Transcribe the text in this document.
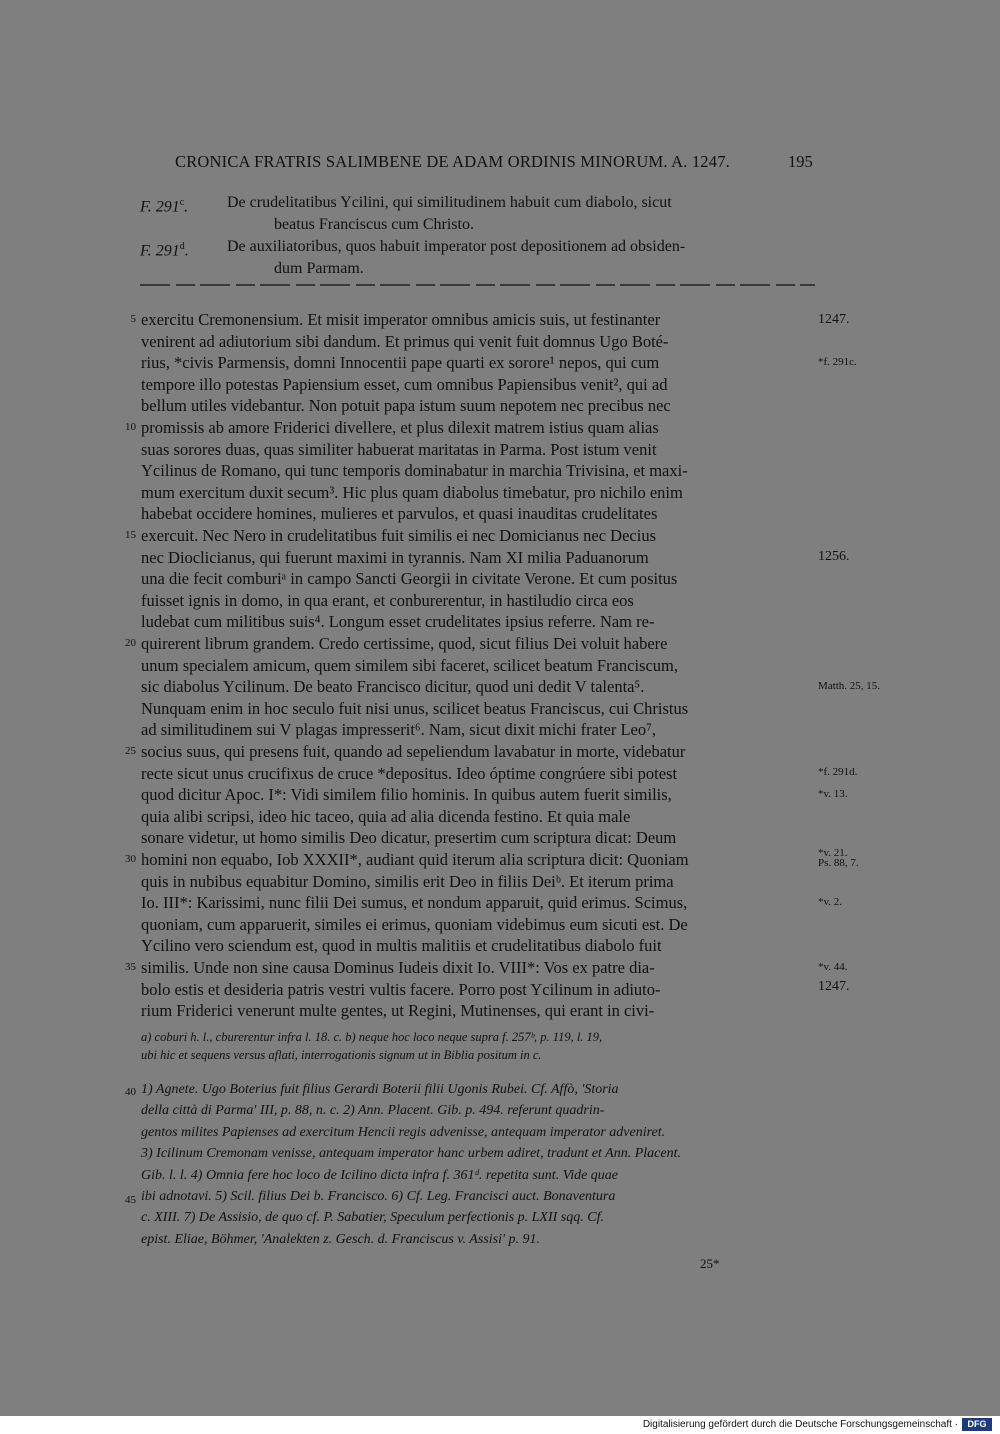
CRONICA FRATRIS SALIMBENE DE ADAM ORDINIS MINORUM. A. 1247.	195
F. 291$^c$. De crudelitatibus Ycilini, qui similitudinem habuit cum diabolo, sicut
beatus Franciscus cum Christo.
F. 291$^d$. De auxiliatoribus, quos habuit imperator post depositionem ad obsiden-
dum Parmam.
exercitu Cremonensium. Et misit imperator omnibus amicis suis, ut festinanter
venirent ad adiutorium sibi dandum. Et primus qui venit fuit domnus Ugo Boté-
rius, *civis Parmensis, domni Innocentii pape quarti ex sorore¹ nepos, qui cum
tempore illo potestas Papiensium esset, cum omnibus Papiensibus venit², qui ad
bellum utiles videbantur. Non potuit papa istum suum nepotem nec precibus nec
promissis ab amore Friderici divellere, et plus dilexit matrem istius quam alias
suas sorores duas, quas similiter habuerat maritatas in Parma. Post istum venit
Ycilinus de Romano, qui tunc temporis dominabatur in marchia Trivisina, et maxi-
mum exercitum duxit secum³. Hic plus quam diabolus timebatur, pro nichilo enim
habebat occidere homines, mulieres et parvulos, et quasi inauditas crudelitates
exercuit. Nec Nero in crudelitatibus fuit similis ei nec Domicianus nec Decius
nec Dioclicianus, qui fuerunt maximi in tyrannis. Nam XI milia Paduanorum
una die fecit comburiᵃ in campo Sancti Georgii in civitate Verone. Et cum positus
fuisset ignis in domo, in qua erant, et conburerentur, in hastiludio circa eos
ludebat cum militibus suis⁴. Longum esset crudelitates ipsius referre. Nam re-
quirerent librum grandem. Credo certissime, quod, sicut filius Dei voluit habere
unum specialem amicum, quem similem sibi faceret, scilicet beatum Franciscum,
sic diabolus Ycilinum. De beato Francisco dicitur, quod uni dedit V talenta⁵.
Nunquam enim in hoc seculo fuit nisi unus, scilicet beatus Franciscus, cui Christus
ad similitudinem sui V plagas impresserit⁶. Nam, sicut dixit michi frater Leo⁷,
socius suus, qui presens fuit, quando ad sepeliendum lavabatur in morte, videbatur
recte sicut unus crucifixus de cruce *depositus. Ideo óptime congrúere sibi potest
quod dicitur Apoc. I*: Vidi similem filio hominis. In quibus autem fuerit similis,
quia alibi scripsi, ideo hic taceo, quia ad alia dicenda festino. Et quia male
sonare videtur, ut homo similis Deo dicatur, presertim cum scriptura dicat: Deum
homini non equabo, Iob XXXII*, audiant quid iterum alia scriptura dicit: Quoniam
quis in nubibus equabitur Domino, similis erit Deo in filiis Deiᵇ. Et iterum prima
Io. III*: Karissimi, nunc filii Dei sumus, et nondum apparuit, quid erimus. Scimus,
quoniam, cum apparuerit, similes ei erimus, quoniam videbimus eum sicuti est. De
Ycilino vero sciendum est, quod in multis malitiis et crudelitatibus diabolo fuit
similis. Unde non sine causa Dominus Iudeis dixit Io. VIII*: Vos ex patre dia-
bolo estis et desideria patris vestri vultis facere. Porro post Ycilinum in adiuto-
rium Friderici venerunt multe gentes, ut Regini, Mutinenses, qui erant in civi-
5
10
15
20
25
30
35
1247.
*f. 291c.
1256.
Matth. 25, 15.
*f. 291d.
*v. 13.
*v. 21.
Ps. 88, 7.
*v. 2.
*v. 44.
1247.
a) coburi h. l., cburerentur infra l. 18. c. b) neque hoc loco neque supra f. 257ᵇ, p. 119, l. 19,
ubi hic et sequens versus aflati, interrogationis signum ut in Biblia positum in c.
40
45
1) Agnete. Ugo Boterius fuit filius Gerardi Boterii filii Ugonis Rubei. Cf. Affò, 'Storia
della città di Parma' III, p. 88, n. c. 2) Ann. Placent. Gib. p. 494. referunt quadrin-
gentos milites Papienses ad exercitum Hencii regis advenisse, antequam imperator adveniret.
3) Icilinum Cremonam venisse, antequam imperator hanc urbem adiret, tradunt et Ann. Placent.
Gib. l. l. 4) Omnia fere hoc loco de Icilino dicta infra f. 361ᵈ. repetita sunt. Vide quae
ibi adnotavi. 5) Scil. filius Dei b. Francisco. 6) Cf. Leg. Francisci auct. Bonaventura
c. XIII. 7) De Assisio, de quo cf. P. Sabatier, Speculum perfectionis p. LXII sqq. Cf.
epist. Eliae, Böhmer, 'Analekten z. Gesch. d. Franciscus v. Assisi' p. 91.
25*
Digitalisierung gefördert durch die Deutsche Forschungsgemeinschaft ·	DFG
